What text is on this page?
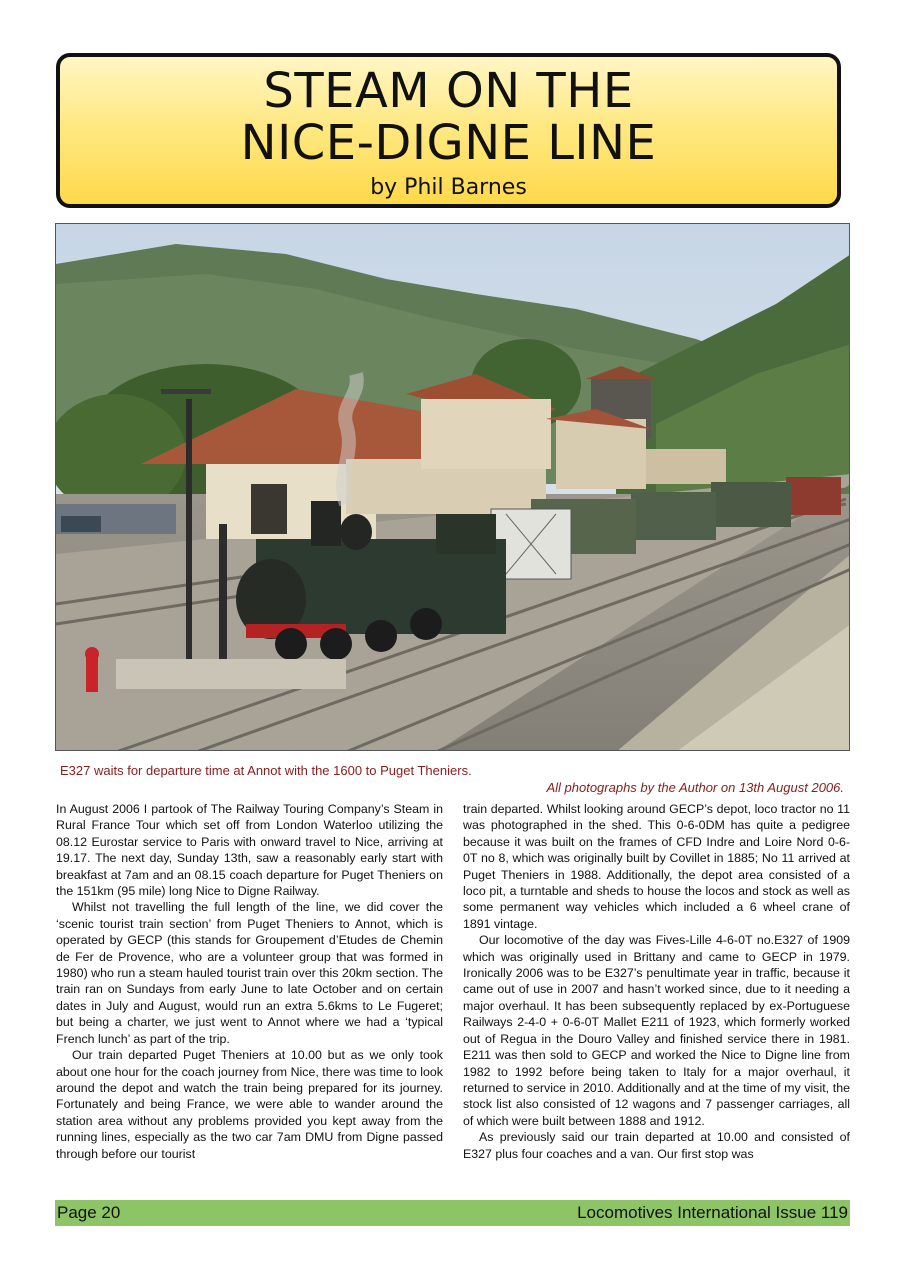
STEAM ON THE
NICE-DIGNE LINE
by Phil Barnes
E327 waits for departure time at Annot with the 1600 to Puget Theniers.
All photographs by the Author on 13th August 2006.

In August 2006 I partook of The Railway Touring Company’s Steam in Rural France Tour which set off from London Waterloo utilizing the 08.12 Eurostar service to Paris with onward travel to Nice, arriving at 19.17. The next day, Sunday 13th, saw a reasonably early start with breakfast at 7am and an 08.15 coach departure for Puget Theniers on the 151km (95 mile) long Nice to Digne Railway.

Whilst not travelling the full length of the line, we did cover the ‘scenic tourist train section’ from Puget Theniers to Annot, which is operated by GECP (this stands for Groupement d’Etudes de Chemin de Fer de Provence, who are a volunteer group that was formed in 1980) who run a steam hauled tourist train over this 20km section. The train ran on Sundays from early June to late October and on certain dates in July and August, would run an extra 5.6kms to Le Fugeret; but being a charter, we just went to Annot where we had a ‘typical French lunch’ as part of the trip.

Our train departed Puget Theniers at 10.00 but as we only took about one hour for the coach journey from Nice, there was time to look around the depot and watch the train being prepared for its journey. Fortunately and being France, we were able to wander around the station area without any problems provided you kept away from the running lines, especially as the two car 7am DMU from Digne passed through before our tourist

train departed. Whilst looking around GECP’s depot, loco tractor no 11 was photographed in the shed. This 0-6-0DM has quite a pedigree because it was built on the frames of CFD Indre and Loire Nord 0-6-0T no 8, which was originally built by Covillet in 1885; No 11 arrived at Puget Theniers in 1988. Additionally, the depot area consisted of a loco pit, a turntable and sheds to house the locos and stock as well as some permanent way vehicles which included a 6 wheel crane of 1891 vintage.

Our locomotive of the day was Fives-Lille 4-6-0T no.E327 of 1909 which was originally used in Brittany and came to GECP in 1979. Ironically 2006 was to be E327’s penultimate year in traffic, because it came out of use in 2007 and hasn’t worked since, due to it needing a major overhaul. It has been subsequently replaced by ex-Portuguese Railways 2-4-0 + 0-6-0T Mallet E211 of 1923, which formerly worked out of Regua in the Douro Valley and finished service there in 1981. E211 was then sold to GECP and worked the Nice to Digne line from 1982 to 1992 before being taken to Italy for a major overhaul, it returned to service in 2010. Additionally and at the time of my visit, the stock list also consisted of 12 wagons and 7 passenger carriages, all of which were built between 1888 and 1912.

As previously said our train departed at 10.00 and consisted of E327 plus four coaches and a van. Our first stop was

Page 20	Locomotives International Issue 119
